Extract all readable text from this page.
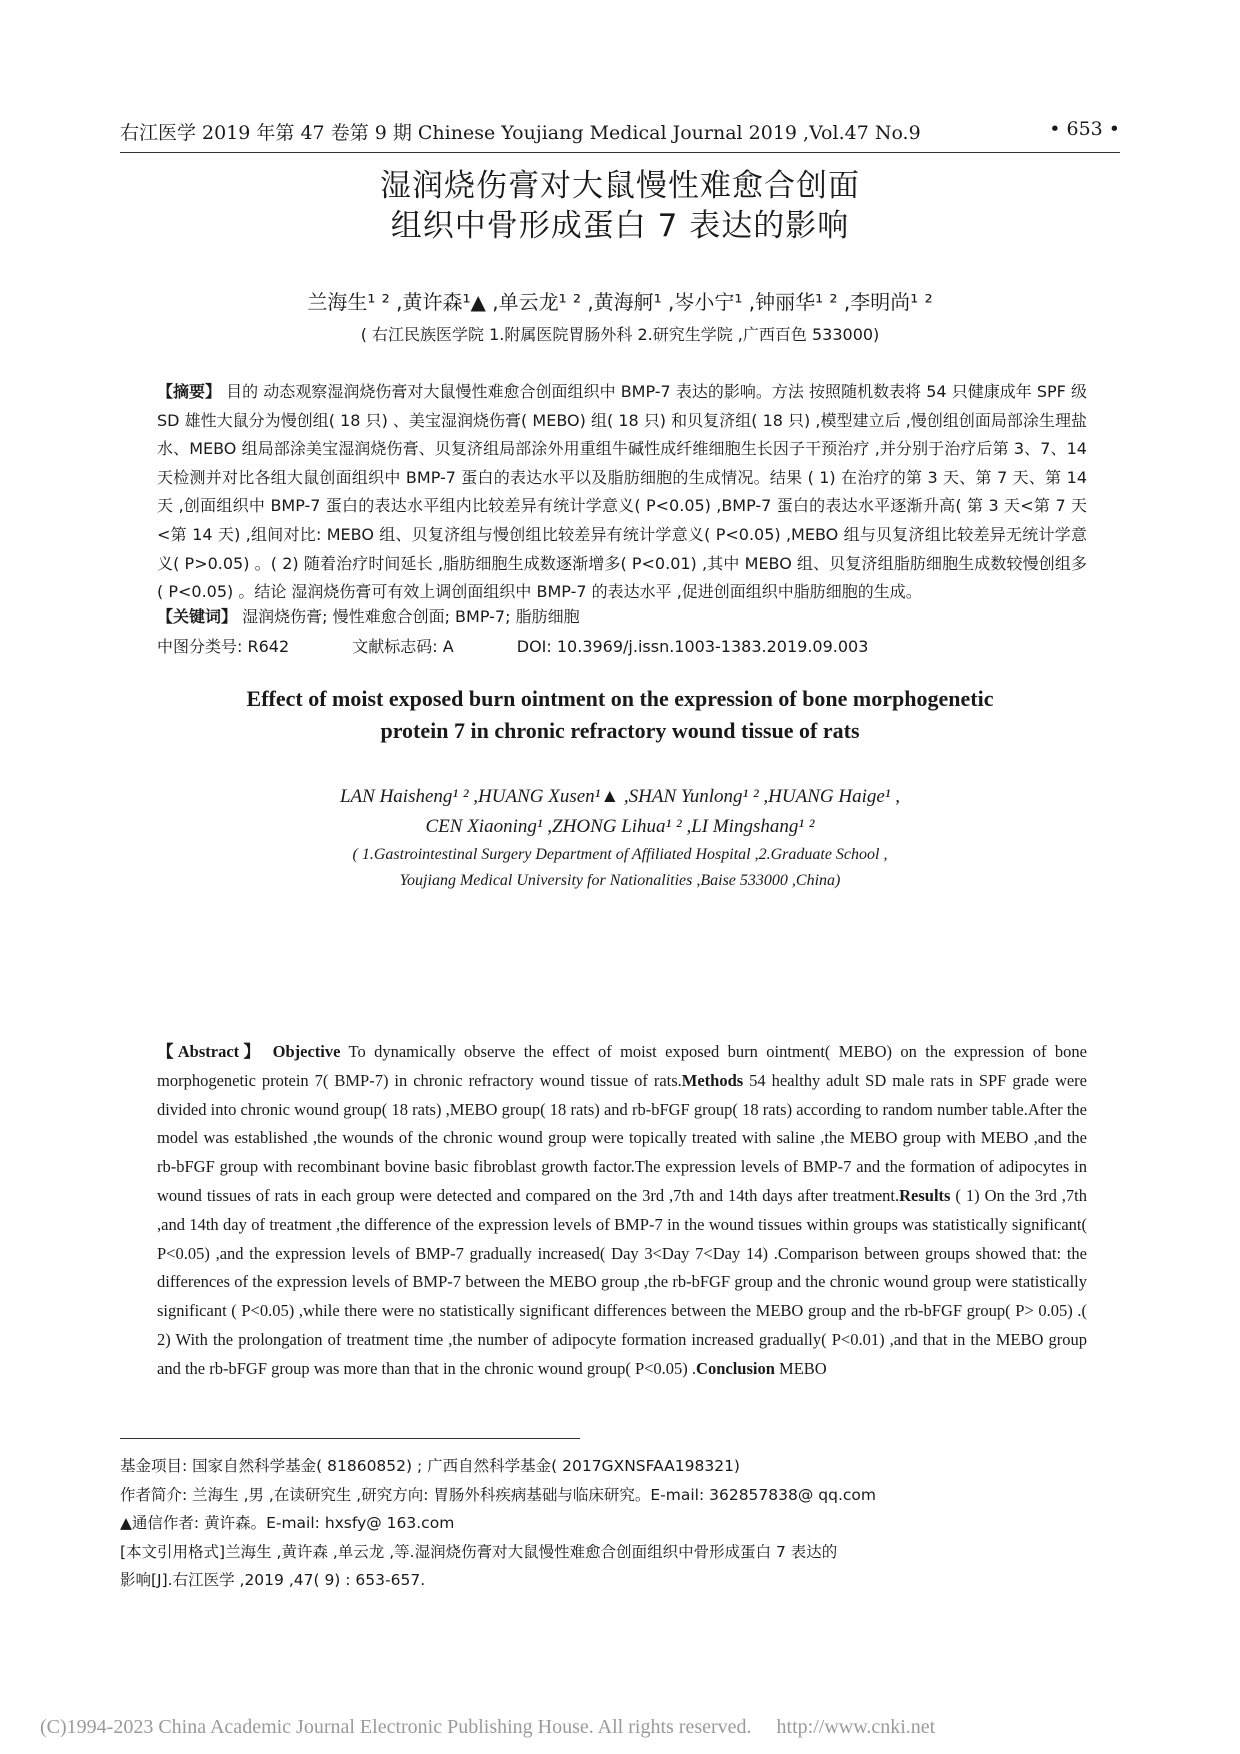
右江医学 2019 年第 47 卷第 9 期 Chinese Youjiang Medical Journal 2019 ,Vol.47 No.9	• 653 •
湿润烧伤膏对大鼠慢性难愈合创面
组织中骨形成蛋白 7 表达的影响
兰海生¹ ² ,黄许森¹▲ ,单云龙¹ ² ,黄海舸¹ ,岑小宁¹ ,钟丽华¹ ² ,李明尚¹ ²
( 右江民族医学院 1.附属医院胃肠外科 2.研究生学院 ,广西百色 533000)
【摘要】 目的 动态观察湿润烧伤膏对大鼠慢性难愈合创面组织中 BMP-7 表达的影响。方法 按照随机数表将 54 只健康成年 SPF 级 SD 雄性大鼠分为慢创组( 18 只) 、美宝湿润烧伤膏( MEBO) 组( 18 只) 和贝复济组( 18 只) ,模型建立后 ,慢创组创面局部涂生理盐水、MEBO 组局部涂美宝湿润烧伤膏、贝复济组局部涂外用重组牛碱性成纤维细胞生长因子干预治疗 ,并分别于治疗后第 3、7、14 天检测并对比各组大鼠创面组织中 BMP-7 蛋白的表达水平以及脂肪细胞的生成情况。结果 ( 1) 在治疗的第 3 天、第 7 天、第 14 天 ,创面组织中 BMP-7 蛋白的表达水平组内比较差异有统计学意义( P<0.05) ,BMP-7 蛋白的表达水平逐渐升高( 第 3 天<第 7 天<第 14 天) ,组间对比: MEBO 组、贝复济组与慢创组比较差异有统计学意义( P<0.05) ,MEBO 组与贝复济组比较差异无统计学意义( P>0.05) 。( 2) 随着治疗时间延长 ,脂肪细胞生成数逐渐增多( P<0.01) ,其中 MEBO 组、贝复济组脂肪细胞生成数较慢创组多( P<0.05) 。结论 湿润烧伤膏可有效上调创面组织中 BMP-7 的表达水平 ,促进创面组织中脂肪细胞的生成。
【关键词】 湿润烧伤膏; 慢性难愈合创面; BMP-7; 脂肪细胞
中图分类号: R642	文献标志码: A	DOI: 10.3969/j.issn.1003-1383.2019.09.003
Effect of moist exposed burn ointment on the expression of bone morphogenetic
protein 7 in chronic refractory wound tissue of rats
LAN Haisheng¹ ² ,HUANG Xusen¹▲ ,SHAN Yunlong¹ ² ,HUANG Haige¹ ,
CEN Xiaoning¹ ,ZHONG Lihua¹ ² ,LI Mingshang¹ ²
( 1.Gastrointestinal Surgery Department of Affiliated Hospital ,2.Graduate School ,
Youjiang Medical University for Nationalities ,Baise 533000 ,China)
【Abstract】 Objective To dynamically observe the effect of moist exposed burn ointment( MEBO) on the expression of bone morphogenetic protein 7( BMP-7) in chronic refractory wound tissue of rats.Methods 54 healthy adult SD male rats in SPF grade were divided into chronic wound group( 18 rats) ,MEBO group( 18 rats) and rb-bFGF group( 18 rats) according to random number table.After the model was established ,the wounds of the chronic wound group were topically treated with saline ,the MEBO group with MEBO ,and the rb-bFGF group with recombinant bovine basic fibroblast growth factor.The expression levels of BMP-7 and the formation of adipocytes in wound tissues of rats in each group were detected and compared on the 3rd ,7th and 14th days after treatment.Results ( 1) On the 3rd ,7th ,and 14th day of treatment ,the difference of the expression levels of BMP-7 in the wound tissues within groups was statistically significant( P<0.05) ,and the expression levels of BMP-7 gradually increased( Day 3<Day 7<Day 14) .Comparison between groups showed that: the differences of the expression levels of BMP-7 between the MEBO group ,the rb-bFGF group and the chronic wound group were statistically significant ( P<0.05) ,while there were no statistically significant differences between the MEBO group and the rb-bFGF group( P> 0.05) .( 2) With the prolongation of treatment time ,the number of adipocyte formation increased gradually( P<0.01) ,and that in the MEBO group and the rb-bFGF group was more than that in the chronic wound group( P<0.05) .Conclusion MEBO
基金项目: 国家自然科学基金( 81860852) ; 广西自然科学基金( 2017GXNSFAA198321)
作者简介: 兰海生 ,男 ,在读研究生 ,研究方向: 胃肠外科疾病基础与临床研究。E-mail: 362857838@ qq.com
▲通信作者: 黄许森。E-mail: hxsfy@ 163.com
[本文引用格式]兰海生 ,黄许森 ,单云龙 ,等.湿润烧伤膏对大鼠慢性难愈合创面组织中骨形成蛋白 7 表达的
影响[J].右江医学 ,2019 ,47( 9) : 653-657.
(C)1994-2023 China Academic Journal Electronic Publishing House. All rights reserved. http://www.cnki.net
